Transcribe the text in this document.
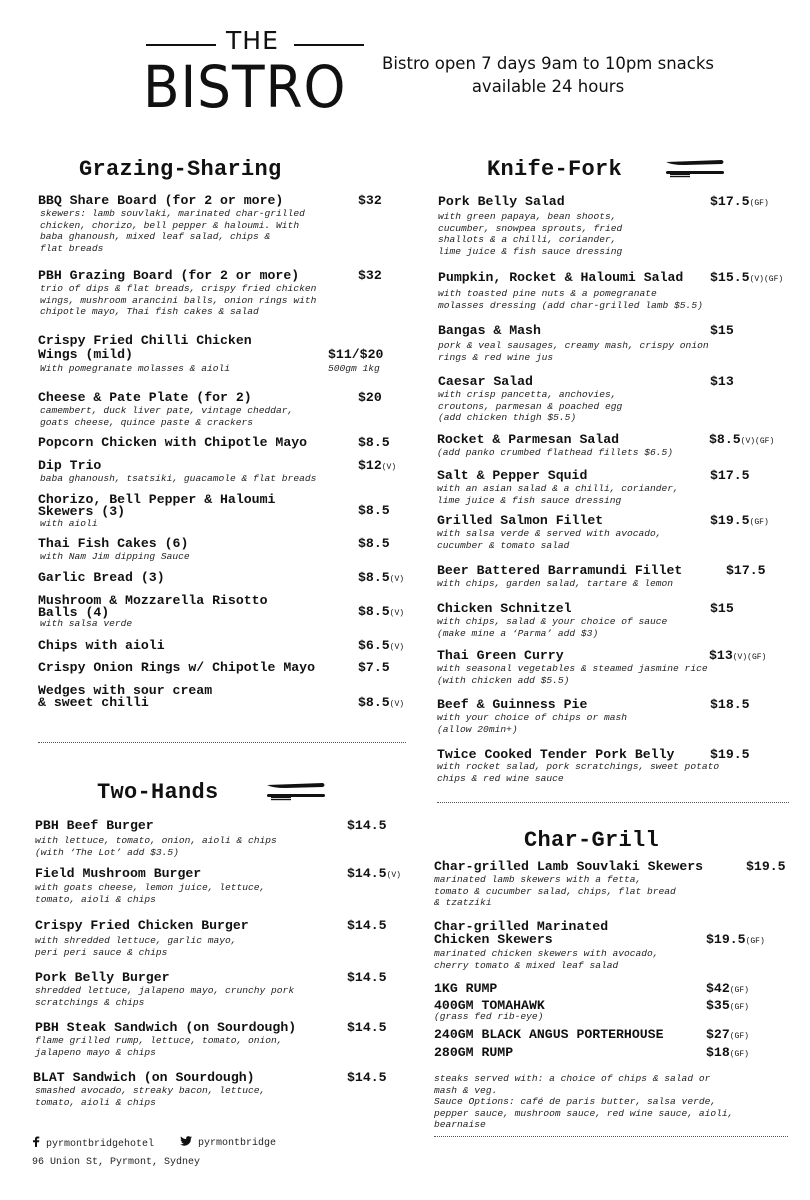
THE
BISTRO Bistro open 7 days 9am to 10pm snacks
available 24 hours
Grazing-Sharing
BBQ Share Board (for 2 or more)	$32
skewers: lamb souvlaki, marinated char-grilled
chicken, chorizo, bell pepper & haloumi. With
baba ghanoush, mixed leaf salad, chips &
flat breads
PBH Grazing Board (for 2 or more)	$32
trio of dips & flat breads, crispy fried chicken
wings, mushroom arancini balls, onion rings with
chipotle mayo, Thai fish cakes & salad
Crispy Fried Chilli Chicken
Wings (mild)	$11/$20
With pomegranate molasses & aioli	500gm 1kg
Cheese & Pate Plate (for 2)	$20
camembert, duck liver pate, vintage cheddar,
goats cheese, quince paste & crackers
Popcorn Chicken with Chipotle Mayo	$8.5
Dip Trio	$12(V)
baba ghanoush, tsatsiki, guacamole & flat breads
Chorizo, Bell Pepper & Haloumi
Skewers (3)	$8.5
with aioli
Thai Fish Cakes (6)	$8.5
with Nam Jim dipping Sauce
Garlic Bread (3)	$8.5(V)
Mushroom & Mozzarella Risotto
Balls (4)	$8.5(V)
with salsa verde
Chips with aioli	$6.5(V)
Crispy Onion Rings w/ Chipotle Mayo	$7.5
Wedges with sour cream
& sweet chilli	$8.5(V)
Two-Hands
PBH Beef Burger	$14.5
with lettuce, tomato, onion, aioli & chips
(with ‘The Lot’ add $3.5)
Field Mushroom Burger	$14.5(V)
with goats cheese, lemon juice, lettuce,
tomato, aioli & chips
Crispy Fried Chicken Burger	$14.5
with shredded lettuce, garlic mayo,
peri peri sauce & chips
Pork Belly Burger	$14.5
shredded lettuce, jalapeno mayo, crunchy pork
scratchings & chips
PBH Steak Sandwich (on Sourdough)	$14.5
flame grilled rump, lettuce, tomato, onion,
jalapeno mayo & chips
BLAT Sandwich (on Sourdough)	$14.5
smashed avocado, streaky bacon, lettuce,
tomato, aioli & chips
pyrmontbridgehotel	pyrmontbridge
96 Union St, Pyrmont, Sydney
Knife-Fork
Pork Belly Salad	$17.5(GF)
with green papaya, bean shoots,
cucumber, snowpea sprouts, fried
shallots & a chilli, coriander,
lime juice & fish sauce dressing
Pumpkin, Rocket & Haloumi Salad $15.5(V)(GF)
with toasted pine nuts & a pomegranate
molasses dressing (add char-grilled lamb $5.5)
Bangas & Mash	$15
pork & veal sausages, creamy mash, crispy onion
rings & red wine jus
Caesar Salad	$13
with crisp pancetta, anchovies,
croutons, parmesan & poached egg
(add chicken thigh $5.5)
Rocket & Parmesan Salad	$8.5(V)(GF)
(add panko crumbed flathead fillets $6.5)
Salt & Pepper Squid	$17.5
with an asian salad & a chilli, coriander,
lime juice & fish sauce dressing
Grilled Salmon Fillet	$19.5(GF)
with salsa verde & served with avocado,
cucumber & tomato salad
Beer Battered Barramundi Fillet	$17.5
with chips, garden salad, tartare & lemon
Chicken Schnitzel	$15
with chips, salad & your choice of sauce
(make mine a ‘Parma’ add $3)
Thai Green Curry	$13(V)(GF)
with seasonal vegetables & steamed jasmine rice
(with chicken add $5.5)
Beef & Guinness Pie	$18.5
with your choice of chips or mash
(allow 20min+)
Twice Cooked Tender Pork Belly	$19.5
with rocket salad, pork scratchings, sweet potato
chips & red wine sauce
Char-Grill
Char-grilled Lamb Souvlaki Skewers	$19.5
marinated lamb skewers with a fetta,
tomato & cucumber salad, chips, flat bread
& tzatziki
Char-grilled Marinated
Chicken Skewers	$19.5(GF)
marinated chicken skewers with avocado,
cherry tomato & mixed leaf salad
1KG RUMP	$42(GF)
400GM TOMAHAWK	$35(GF)
(grass fed rib-eye)
240GM BLACK ANGUS PORTERHOUSE	$27(GF)
280GM RUMP	$18(GF)
steaks served with: a choice of chips & salad or
mash & veg.
Sauce Options: café de paris butter, salsa verde,
pepper sauce, mushroom sauce, red wine sauce, aioli,
bearnaise
